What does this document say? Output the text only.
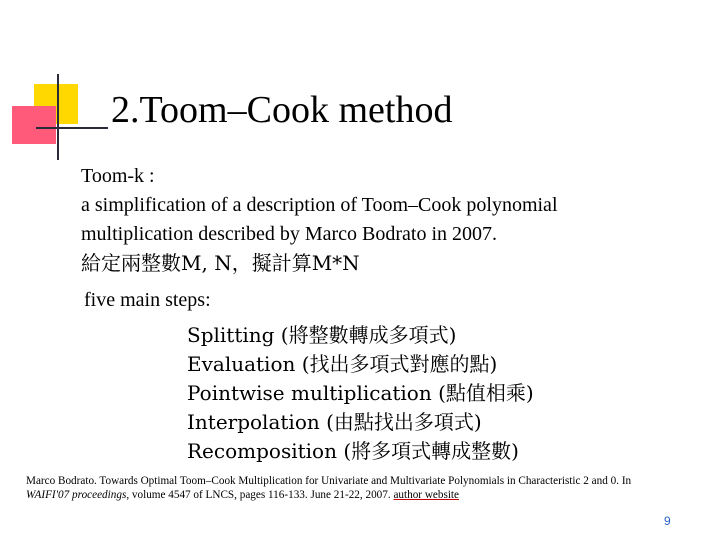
2.Toom–Cook method
Toom-k :
a simplification of a description of Toom–Cook polynomial
multiplication described by Marco Bodrato in 2007.
給定兩整數M, N，擬計算M*N
five main steps:
Splitting (將整數轉成多項式)
Evaluation (找出多項式對應的點)
Pointwise multiplication (點值相乘)
Interpolation (由點找出多項式)
Recomposition (將多項式轉成整數)
Marco Bodrato. Towards Optimal Toom–Cook Multiplication for Univariate and Multivariate Polynomials in Characteristic 2 and 0. In WAIFI'07 proceedings, volume 4547 of LNCS, pages 116-133. June 21-22, 2007. author website
9
